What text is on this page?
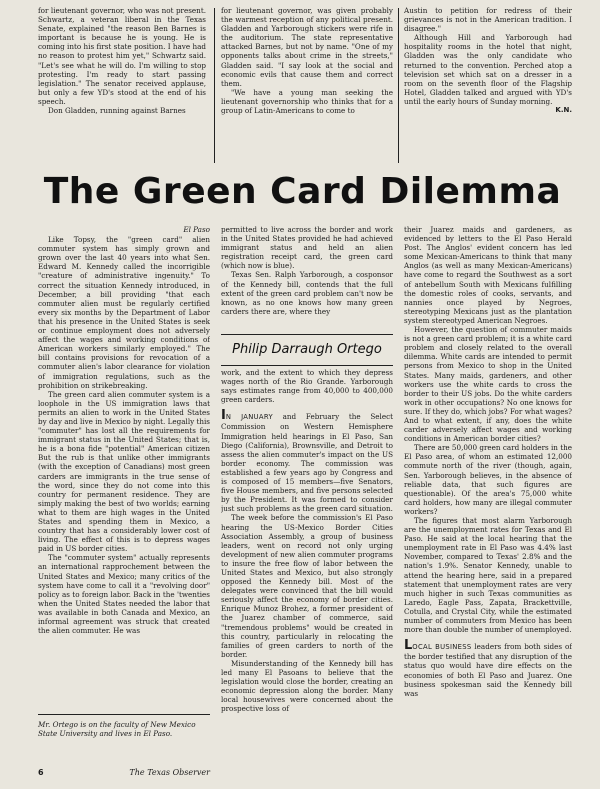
for lieutenant governor, who was not present. Schwartz, a veteran liberal in the Texas Senate, explained "the reason Ben Barnes is important is because he is young. He is coming into his first state position. I have had no reason to protest him yet," Schwartz said. "Let's see what he will do. I'm willing to stop protesting. I'm ready to start passing legislation." The senator received applause, but only a few YD's stood at the end of his speech.

Don Gladden, running against Barnes

for lieutenant governor, was given probably the warmest reception of any political present. Gladden and Yarborough stickers were rife in the auditorium. The state representative attacked Barnes, but not by name. "One of my opponents talks about crime in the streets," Gladden said. "I say look at the social and economic evils that cause them and correct them.

"We have a young man seeking the lieutenant governorship who thinks that for a group of Latin-Americans to come to

Austin to petition for redress of their grievances is not in the American tradition. I disagree."

Although Hill and Yarborough had hospitality rooms in the hotel that night, Gladden was the only candidate who returned to the convention. Perched atop a television set which sat on a dresser in a room on the seventh floor of the Flagship Hotel, Gladden talked and argued with YD's until the early hours of Sunday morning.

K.N.
The Green Card Dilemma
El Paso

Like Topsy, the "green card" alien commuter system has simply grown and grown over the last 40 years into what Sen. Edward M. Kennedy called the incorrigible "creature of administrative ingenuity." To correct the situation Kennedy introduced, in December, a bill providing "that each commuter alien must be regularly certified every six months by the Department of Labor that his presence in the United States is seek or continue employment does not adversely affect the wages and working conditions of American workers similarly employed." The bill contains provisions for revocation of a commuter alien's labor clearance for violation of immigration regulations, such as the prohibition on strikebreaking.

The green card alien commuter system is a loophole in the US immigration laws that permits an alien to work in the United States by day and live in Mexico by night. Legally this "commuter" has lost all the requirements for immigrant status in the United States; that is, he is a bona fide "potential" American citizen But the rub is that unlike other immigrants (with the exception of Canadians) most green carders are immigrants in the true sense of the word, since they do not come into this country for permanent residence. They are simply making the best of two worlds; earning what to them are high wages in the United States and spending them in Mexico, a country that has a considerably lower cost of living. The effect of this is to depress wages paid in US border cities.

The "commuter system" actually represents an international rapprochement between the United States and Mexico; many critics of the system have come to call it a "revolving door" policy as to foreign labor. Back in the 'twenties when the United States needed the labor that was available in both Canada and Mexico, an informal agreement was struck that created the alien commuter. He was

Mr. Ortego is on the faculty of New Mexico State University and lives in El Paso.

permitted to live across the border and work in the United States provided he had achieved immigrant status and held an alien registration receipt card, the green card (which now is blue).

Texas Sen. Ralph Yarborough, a cosponsor of the Kennedy bill, contends that the full extent of the green card problem can't now be known, as no one knows how many green carders there are, where they

Philip Darraugh Ortego

work, and the extent to which they depress wages north of the Rio Grande. Yarborough says estimates range from 40,000 to 400,000 green carders.

IN JANUARY and February the Select Commission on Western Hemisphere Immigration held hearings in El Paso, San Diego (California), Brownsville, and Detroit to assess the alien commuter's impact on the US border economy. The commission was established a few years ago by Congress and is composed of 15 members—five Senators, five House members, and five persons selected by the President. It was formed to consider just such problems as the green card situation.

The week before the commission's El Paso hearing the US-Mexico Border Cities Association Assembly, a group of business leaders, went on record not only urging development of new alien commuter programs to insure the free flow of labor between the United States and Mexico, but also strongly opposed the Kennedy bill. Most of the delegates were convinced that the bill would seriously affect the economy of border cities. Enrique Munoz Brohez, a former president of the Juarez chamber of commerce, said "tremendous problems" would be created in this country, particularly in relocating the families of green carders to north of the border.

Misunderstanding of the Kennedy bill has led many El Pasoans to believe that the legislation would close the border, creating an economic depression along the border. Many local housewives were concerned about the prospective loss of

their Juarez maids and gardeners, as evidenced by letters to the El Paso Herald Post. The Anglos' evident concern has led some Mexican-Americans to think that many Anglos (as well as many Mexican-Americans) have come to regard the Southwest as a sort of antebellum South with Mexicans fulfilling the domestic roles of cooks, servants, and nannies once played by Negroes, stereotyping Mexicans just as the plantation system stereotyped American Negroes.

However, the question of commuter maids is not a green card problem; it is a white card problem and closely related to the overall dilemma. White cards are intended to permit persons from Mexico to shop in the United States. Many maids, gardeners, and other workers use the white cards to cross the border to their US jobs. Do the white carders work in other occupations? No one knows for sure. If they do, which jobs? For what wages? And to what extent, if any, does the white carder adversely affect wages and working conditions in American border cities?

There are 50,000 green card holders in the El Paso area, of whom an estimated 12,000 commute north of the river (though, again, Sen. Yarborough believes, in the absence of reliable data, that such figures are questionable). Of the area's 75,000 white card holders, how many are illegal commuter workers?

The figures that most alarm Yarborough are the unemployment rates for Texas and El Paso. He said at the local hearing that the unemployment rate in El Paso was 4.4% last November, compared to Texas' 2.8% and the nation's 1.9%. Senator Kennedy, unable to attend the hearing here, said in a prepared statement that unemployment rates are very much higher in such Texas communities as Laredo, Eagle Pass, Zapata, Brackettville, Cotulla, and Crystal City, while the estimated number of commuters from Mexico has been more than double the number of unemployed.

LOCAL BUSINESS leaders from both sides of the border testified that any disruption of the status quo would have dire effects on the economies of both El Paso and Juarez. One business spokesman said the Kennedy bill was

6	The Texas Observer
